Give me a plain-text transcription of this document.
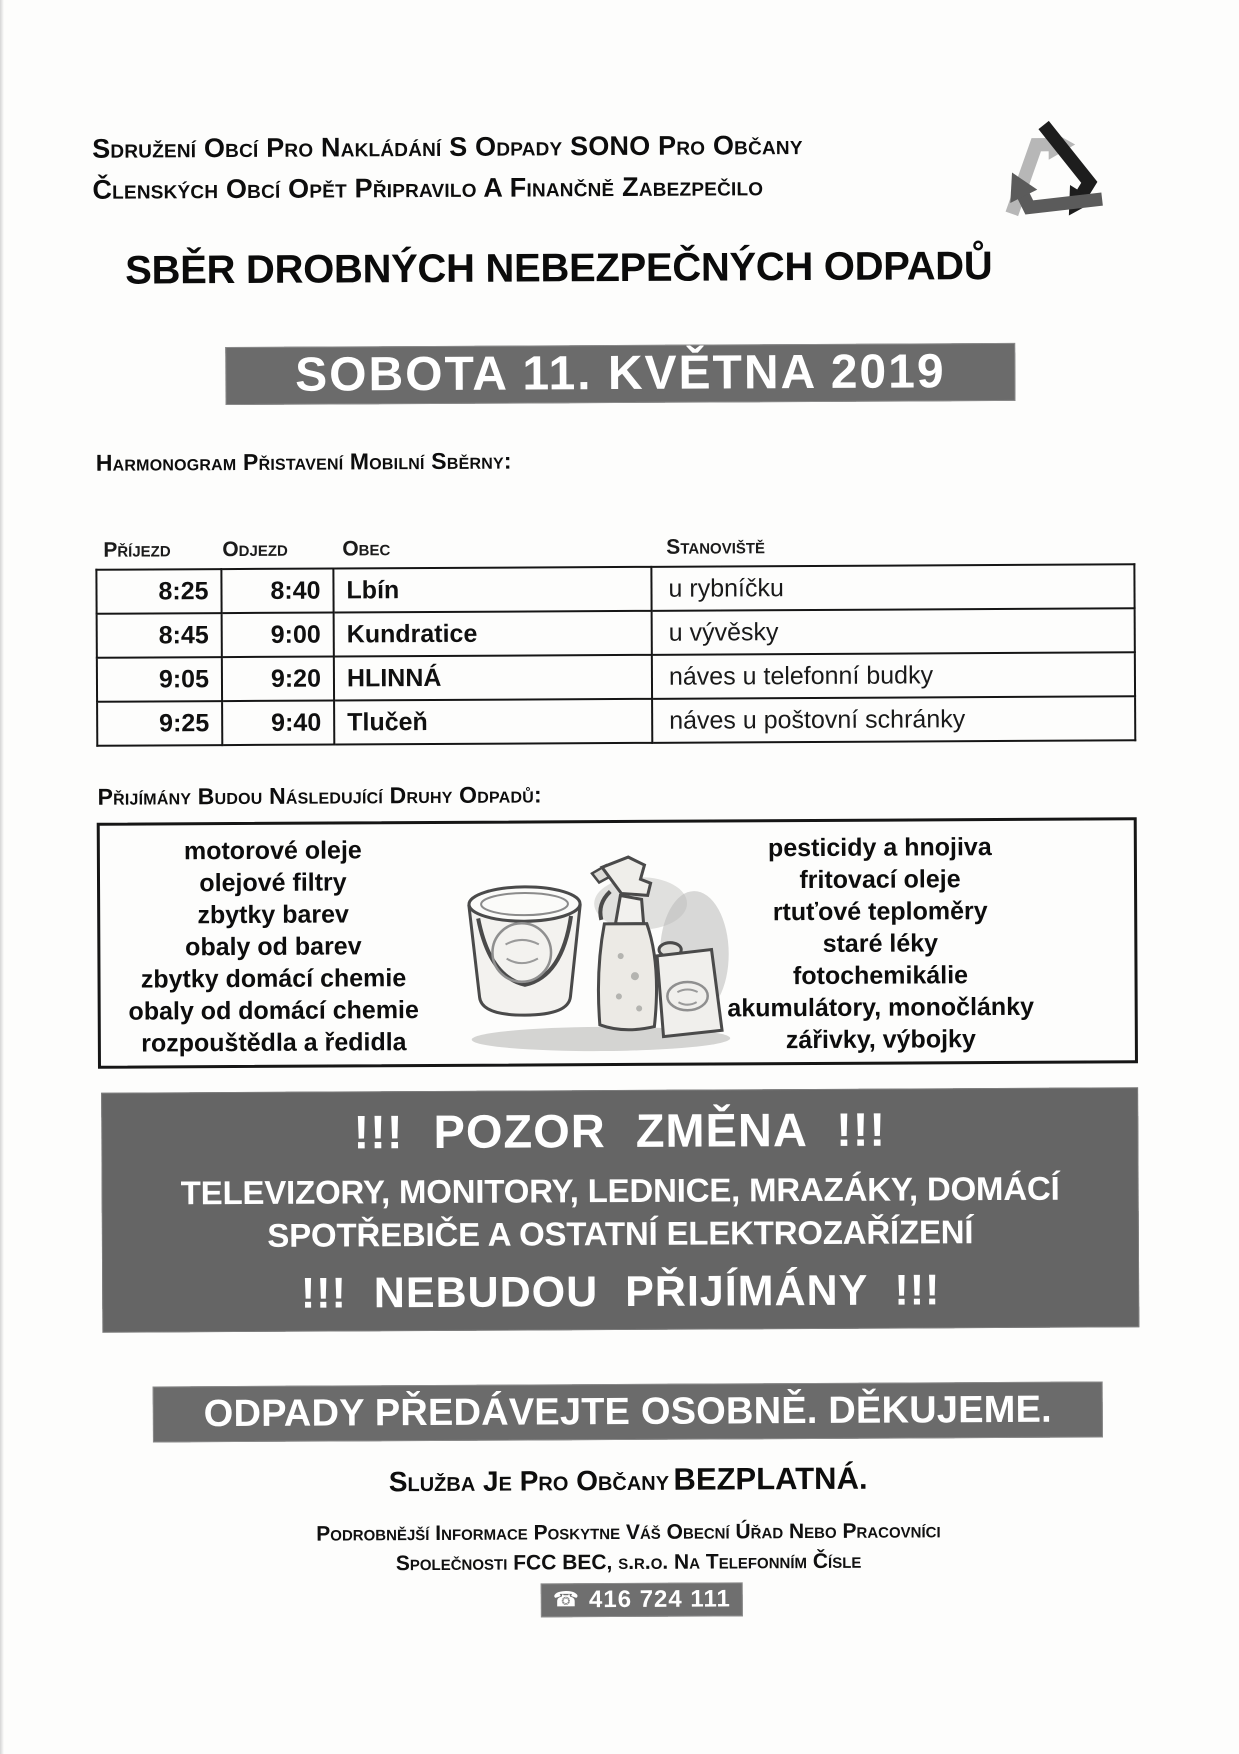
Sdružení Obcí Pro Nakládání S Odpady SONO Pro Občany
Členských Obcí Opět Připravilo A Finančně Zabezpečilo
SBĚR DROBNÝCH NEBEZPEČNÝCH ODPADŮ
SOBOTA 11. KVĚTNA 2019
Harmonogram Přistavení Mobilní Sběrny:
Příjezd	Odjezd	Obec	Stanoviště
8:25	8:40	Lbín	u rybníčku
8:45	9:00	Kundratice	u vývěsky
9:05	9:20	HLINNÁ	náves u telefonní budky
9:25	9:40	Tlučeň	náves u poštovní schránky
Přijímány Budou Následující Druhy Odpadů:
motorové oleje
olejové filtry
zbytky barev
obaly od barev
zbytky domácí chemie
obaly od domácí chemie
rozpouštědla a ředidla
pesticidy a hnojiva
fritovací oleje
rtuťové teploměry
staré léky
fotochemikálie
akumulátory, monočlánky
zářivky, výbojky
!!! POZOR ZMĚNA !!!
TELEVIZORY, MONITORY, LEDNICE, MRAZÁKY, DOMÁCÍ SPOTŘEBIČE A OSTATNÍ ELEKTROZAŘÍZENÍ
!!! NEBUDOU PŘIJÍMÁNY !!!
ODPADY PŘEDÁVEJTE OSOBNĚ. DĚKUJEME.
Služba Je Pro Občany BEZPLATNÁ.
Podrobnější Informace Poskytne Váš Obecní Úřad Nebo Pracovníci
Společnosti FCC BEC, s.r.o. Na Telefonním Čísle
☎ 416 724 111
